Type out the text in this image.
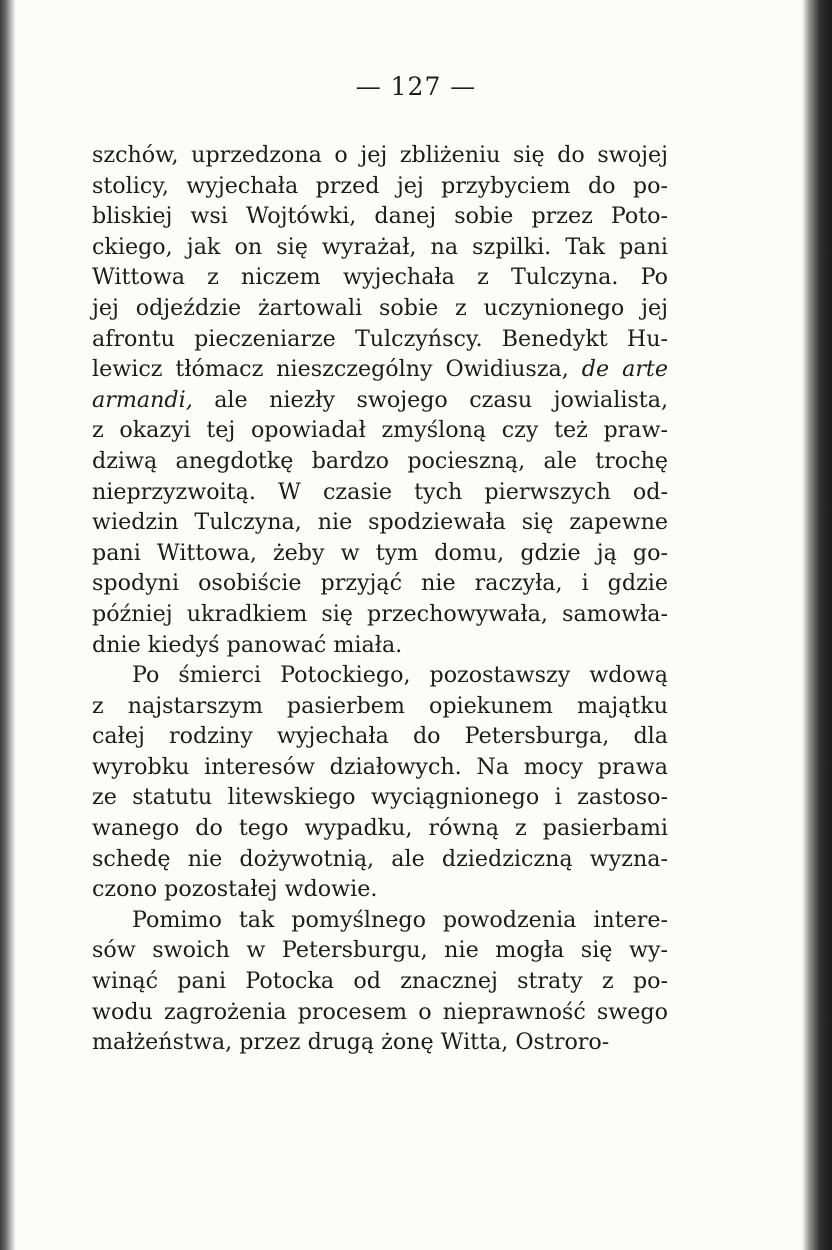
— 127 —
szchów, uprzedzona o jej zbliżeniu się do swojej
stolicy, wyjechała przed jej przybyciem do po-
bliskiej wsi Wojtówki, danej sobie przez Poto-
ckiego, jak on się wyrażał, na szpilki. Tak pani
Wittowa z niczem wyjechała z Tulczyna. Po
jej odjeździe żartowali sobie z uczynionego jej
afrontu pieczeniarze Tulczyńscy. Benedykt Hu-
lewicz tłómacz nieszczególny Owidiusza, de arte
armandi, ale niezły swojego czasu jowialista,
z okazyi tej opowiadał zmyśloną czy też praw-
dziwą anegdotkę bardzo pocieszną, ale trochę
nieprzyzwoitą. W czasie tych pierwszych od-
wiedzin Tulczyna, nie spodziewała się zapewne
pani Wittowa, żeby w tym domu, gdzie ją go-
spodyni osobiście przyjąć nie raczyła, i gdzie
później ukradkiem się przechowywała, samowła-
dnie kiedyś panować miała.
Po śmierci Potockiego, pozostawszy wdową
z najstarszym pasierbem opiekunem majątku
całej rodziny wyjechała do Petersburga, dla
wyrobku interesów działowych. Na mocy prawa
ze statutu litewskiego wyciągnionego i zastoso-
wanego do tego wypadku, równą z pasierbami
schedę nie dożywotnią, ale dziedziczną wyzna-
czono pozostałej wdowie.
Pomimo tak pomyślnego powodzenia intere-
sów swoich w Petersburgu, nie mogła się wy-
winąć pani Potocka od znacznej straty z po-
wodu zagrożenia procesem o nieprawność swego
małżeństwa, przez drugą żonę Witta, Ostroro-
